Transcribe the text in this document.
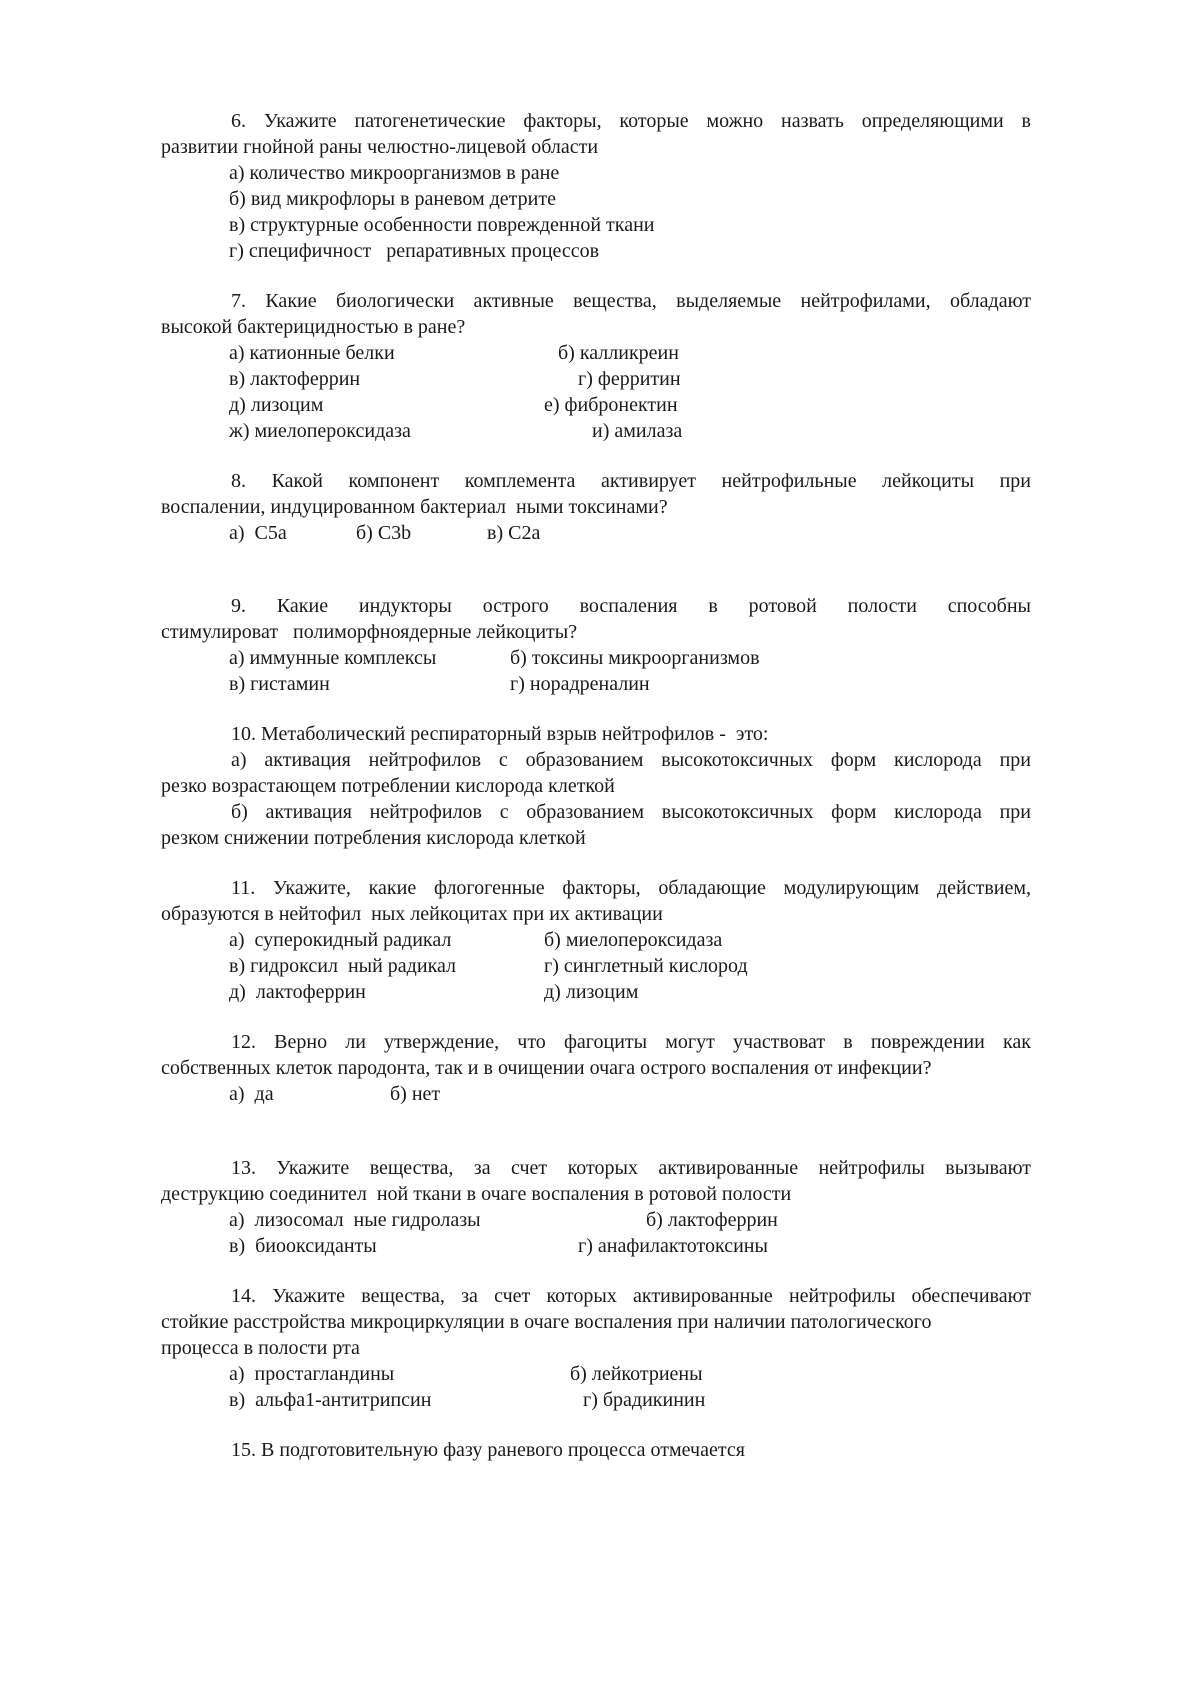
6. Укажите патогенетические факторы, которые можно назвать определяющими в
развитии гнойной раны челюстно-лицевой области
а) количество микроорганизмов в ране
б) вид микрофлоры в раневом детрите
в) структурные особенности поврежденной ткани
г) специфичност   репаративных процессов
7. Какие биологически активные вещества, выделяемые нейтрофилами, обладают
высокой бактерицидностью в ране?
а) катионные белки	б) калликреин
в) лактоферрин	г) ферритин
д) лизоцим	е) фибронектин
ж) миелопероксидаза	и) амилаза
8. Какой компонент комплемента активирует нейтрофильные лейкоциты при
воспалении, индуцированном бактериал  ными токсинами?
а)  С5а	б) С3b	в) С2а
9. Какие индукторы острого воспаления в ротовой полости способны
стимулироват   полиморфноядерные лейкоциты?
а) иммунные комплексы	б) токсины микроорганизмов
в) гистамин	г) норадреналин
10. Метаболический респираторный взрыв нейтрофилов -  это:
а) активация нейтрофилов с образованием высокотоксичных форм кислорода при
резко возрастающем потреблении кислорода клеткой
б) активация нейтрофилов с образованием высокотоксичных форм кислорода при
резком снижении потребления кислорода клеткой
11. Укажите, какие флогогенные факторы, обладающие модулирующим действием,
образуются в нейтофил  ных лейкоцитах при их активации
а)  суперокидный радикал	б) миелопероксидаза
в) гидроксил  ный радикал	г) синглетный кислород
д)  лактоферрин	д) лизоцим
12. Верно ли утверждение, что фагоциты могут участвоват в повреждении как
собственных клеток пародонта, так и в очищении очага острого воспаления от инфекции?
а)  да	б) нет
13. Укажите вещества, за счет которых активированные нейтрофилы вызывают
деструкцию соединител  ной ткани в очаге воспаления в ротовой полости
а)  лизосомал  ные гидролазы	б) лактоферрин
в)  биооксиданты	г) анафилактотоксины
14. Укажите вещества, за счет которых активированные нейтрофилы обеспечивают
стойкие расстройства микроциркуляции в очаге воспаления при наличии патологического
процесса в полости рта
а)  простагландины	б) лейкотриены
в)  альфа1-антитрипсин	г) брадикинин
15. В подготовительную фазу раневого процесса отмечается
